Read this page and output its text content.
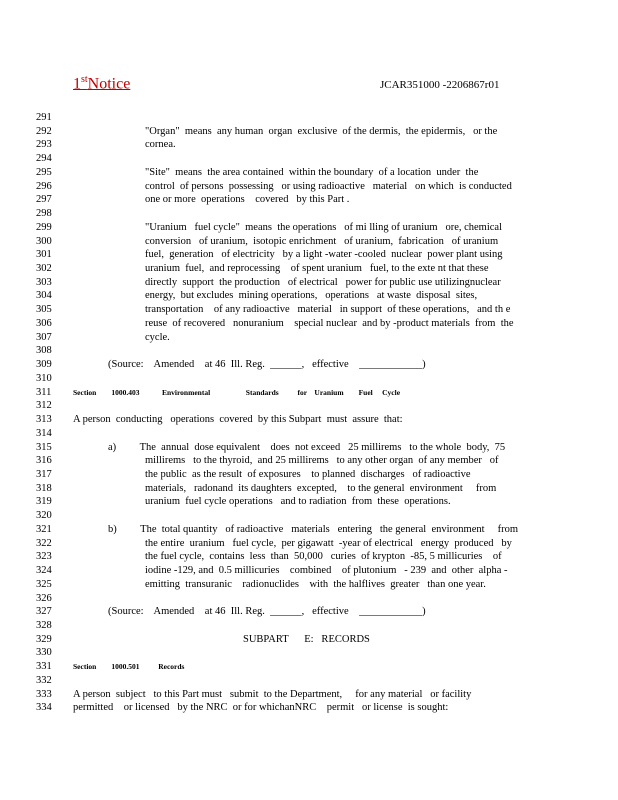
1stNotice	JCAR351000 -2206867r01
291
292	"Organ"  means  any human  organ  exclusive  of the dermis,  the epidermis,   or the
293	cornea.
294
295	"Site"  means  the area contained  within the boundary  of a location  under  the
296	control  of persons  possessing   or using radioactive   material   on which  is conducted
297	one or more  operations    covered   by this Part .
298
299	"Uranium   fuel cycle"  means  the operations   of mi lling of uranium   ore, chemical
300	conversion   of uranium,  isotopic enrichment   of uranium,  fabrication   of uranium
301	fuel,  generation   of electricity   by a light -water -cooled  nuclear  power plant using
302	uranium  fuel,  and reprocessing    of spent uranium   fuel, to the exte nt that these
303	directly  support  the production   of electrical   power for public use utilizingnuclear
304	energy,  but excludes  mining operations,   operations   at waste  disposal  sites,
305	transportation    of any radioactive   material   in support  of these operations,   and th e
306	reuse  of recovered   nonuranium    special nuclear  and by -product materials  from  the
307	cycle.
308
309	(Source:    Amended    at 46  Ill. Reg.  ______,   effective    ____________)
310
311	Section        1000.403            Environmental                   Standards          for    Uranium        Fuel     Cycle
312
313	A person  conducting   operations  covered  by this Subpart  must  assure  that:
314
315	a)         The  annual  dose equivalent    does  not exceed   25 millirems   to the whole  body,  75
316	millirems   to the thyroid,  and 25 millirems   to any other organ  of any member   of
317	the public  as the result  of exposures    to planned  discharges   of radioactive
318	materials,   radonand  its daughters  excepted,    to the general  environment     from
319	uranium  fuel cycle operations   and to radiation  from  these  operations.
320
321	b)         The  total quantity   of radioactive   materials   entering   the general  environment     from
322	the entire  uranium   fuel cycle,  per gigawatt  -year of electrical   energy  produced   by
323	the fuel cycle,  contains  less  than  50,000   curies  of krypton  -85, 5 millicuries    of
324	iodine -129, and  0.5 millicuries    combined    of plutonium   - 239  and  other  alpha -
325	emitting  transuranic    radionuclides    with  the halflives  greater   than one year.
326
327	(Source:    Amended    at 46  Ill. Reg.  ______,   effective    ____________)
328
329	SUBPART      E:   RECORDS
330
331	Section        1000.501          Records
332
333	A person  subject   to this Part must   submit  to the Department,     for any material   or facility
334	permitted    or licensed   by the NRC  or for whichanNRC    permit   or license  is sought:
